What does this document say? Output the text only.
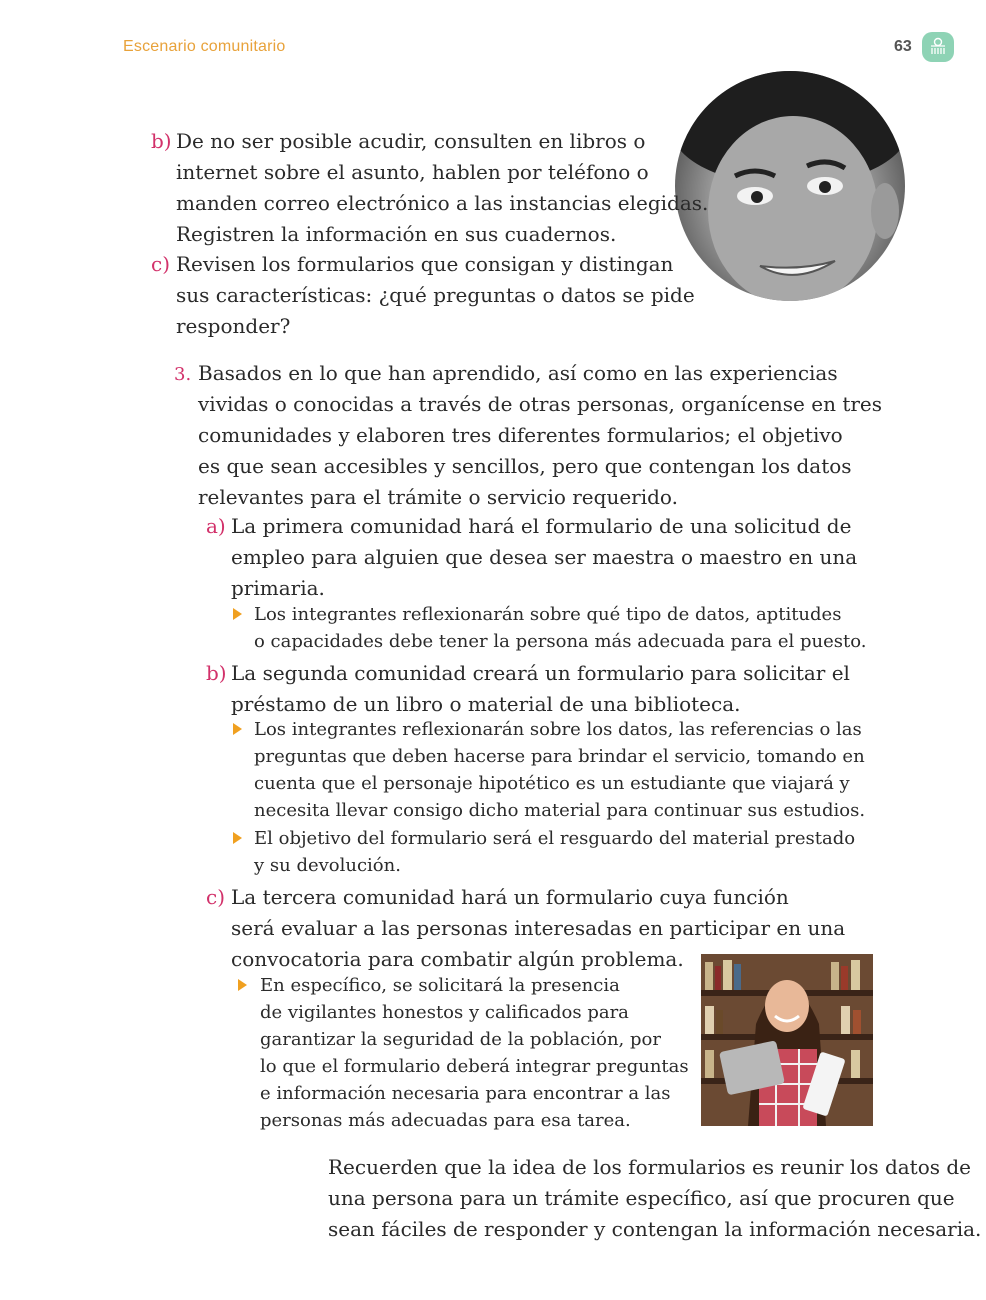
Escenario comunitario	63
b) De no ser posible acudir, consulten en libros o
internet sobre el asunto, hablen por teléfono o
manden correo electrónico a las instancias elegidas.
Registren la información en sus cuadernos.
c) Revisen los formularios que consigan y distingan
sus características: ¿qué preguntas o datos se pide
responder?
3. Basados en lo que han aprendido, así como en las experiencias
vividas o conocidas a través de otras personas, organícense en tres
comunidades y elaboren tres diferentes formularios; el objetivo
es que sean accesibles y sencillos, pero que contengan los datos
relevantes para el trámite o servicio requerido.
a) La primera comunidad hará el formulario de una solicitud de
empleo para alguien que desea ser maestra o maestro en una
primaria.
Los integrantes reflexionarán sobre qué tipo de datos, aptitudes
o capacidades debe tener la persona más adecuada para el puesto.
b) La segunda comunidad creará un formulario para solicitar el
préstamo de un libro o material de una biblioteca.
Los integrantes reflexionarán sobre los datos, las referencias o las
preguntas que deben hacerse para brindar el servicio, tomando en
cuenta que el personaje hipotético es un estudiante que viajará y
necesita llevar consigo dicho material para continuar sus estudios.
El objetivo del formulario será el resguardo del material prestado
y su devolución.
c) La tercera comunidad hará un formulario cuya función
será evaluar a las personas interesadas en participar en una
convocatoria para combatir algún problema.
En específico, se solicitará la presencia
de vigilantes honestos y calificados para
garantizar la seguridad de la población, por
lo que el formulario deberá integrar preguntas
e información necesaria para encontrar a las
personas más adecuadas para esa tarea.
Recuerden que la idea de los formularios es reunir los datos de
una persona para un trámite específico, así que procuren que
sean fáciles de responder y contengan la información necesaria.
